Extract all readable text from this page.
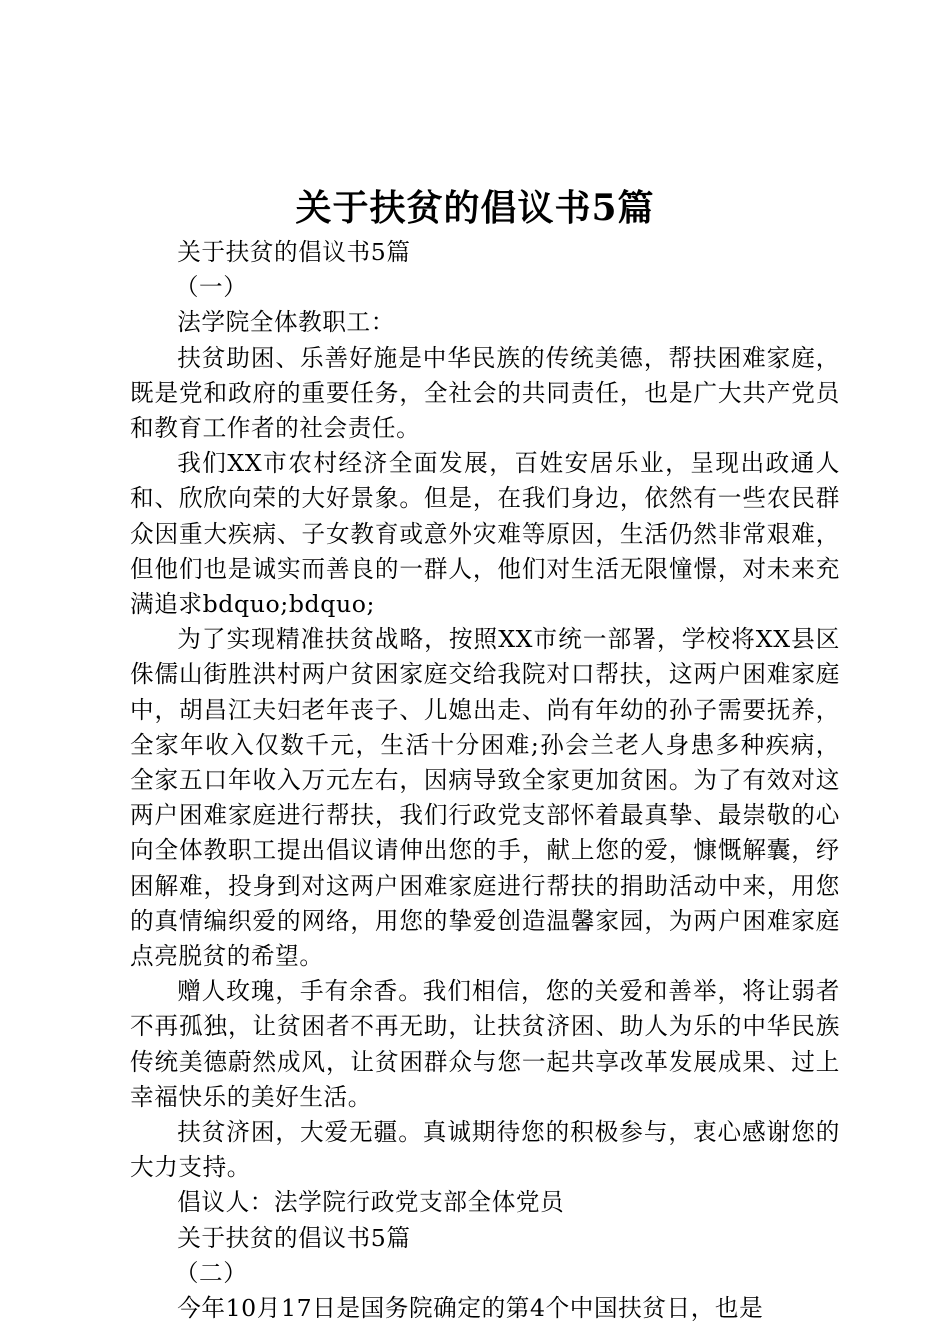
关于扶贫的倡议书5篇

关于扶贫的倡议书5篇

（一）

法学院全体教职工：

扶贫助困、乐善好施是中华民族的传统美德，帮扶困难家庭，既是党和政府的重要任务，全社会的共同责任，也是广大共产党员和教育工作者的社会责任。

我们XX市农村经济全面发展，百姓安居乐业，呈现出政通人和、欣欣向荣的大好景象。但是，在我们身边，依然有一些农民群众因重大疾病、子女教育或意外灾难等原因，生活仍然非常艰难，但他们也是诚实而善良的一群人，他们对生活无限憧憬，对未来充满追求bdquo;bdquo;

为了实现精准扶贫战略，按照XX市统一部署，学校将XX县区侏儒山街胜洪村两户贫困家庭交给我院对口帮扶，这两户困难家庭中，胡昌江夫妇老年丧子、儿媳出走、尚有年幼的孙子需要抚养，全家年收入仅数千元，生活十分困难;孙会兰老人身患多种疾病，全家五口年收入万元左右，因病导致全家更加贫困。为了有效对这两户困难家庭进行帮扶，我们行政党支部怀着最真挚、最崇敬的心向全体教职工提出倡议请伸出您的手，献上您的爱，慷慨解囊，纾困解难，投身到对这两户困难家庭进行帮扶的捐助活动中来，用您的真情编织爱的网络，用您的挚爱创造温馨家园，为两户困难家庭点亮脱贫的希望。

赠人玫瑰，手有余香。我们相信，您的关爱和善举，将让弱者不再孤独，让贫困者不再无助，让扶贫济困、助人为乐的中华民族传统美德蔚然成风，让贫困群众与您一起共享改革发展成果、过上幸福快乐的美好生活。

扶贫济困，大爱无疆。真诚期待您的积极参与，衷心感谢您的大力支持。

倡议人：法学院行政党支部全体党员

关于扶贫的倡议书5篇

（二）

今年10月17日是国务院确定的第4个中国扶贫日，也是
